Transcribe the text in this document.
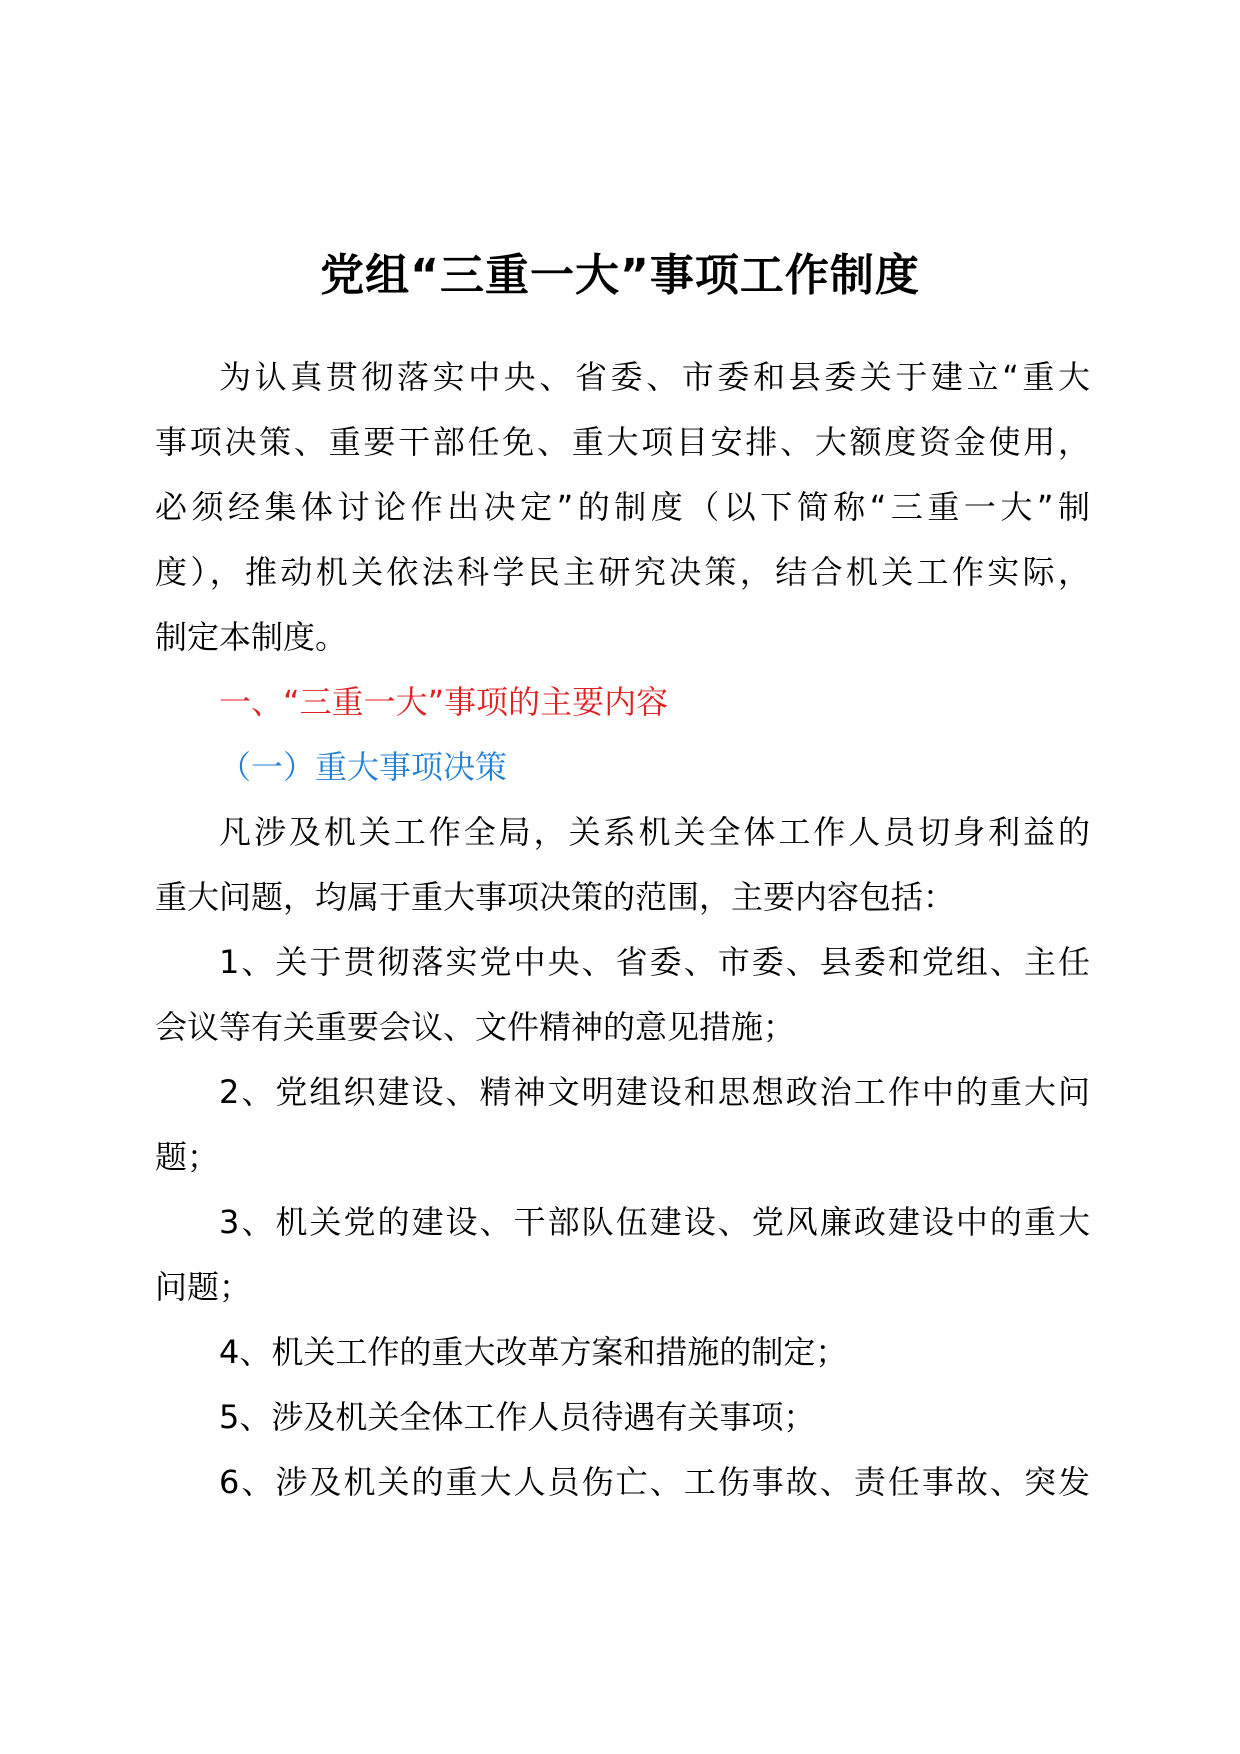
党组“三重一大”事项工作制度

为认真贯彻落实中央、省委、市委和县委关于建立“重大
事项决策、重要干部任免、重大项目安排、大额度资金使用，
必须经集体讨论作出决定”的制度（以下简称“三重一大”制
度），推动机关依法科学民主研究决策，结合机关工作实际，
制定本制度。

一、“三重一大”事项的主要内容

（一）重大事项决策

凡涉及机关工作全局，关系机关全体工作人员切身利益的
重大问题，均属于重大事项决策的范围，主要内容包括：

1、关于贯彻落实党中央、省委、市委、县委和党组、主任
会议等有关重要会议、文件精神的意见措施；

2、党组织建设、精神文明建设和思想政治工作中的重大问
题；

3、机关党的建设、干部队伍建设、党风廉政建设中的重大
问题；

4、机关工作的重大改革方案和措施的制定；

5、涉及机关全体工作人员待遇有关事项；

6、涉及机关的重大人员伤亡、工伤事故、责任事故、突发
